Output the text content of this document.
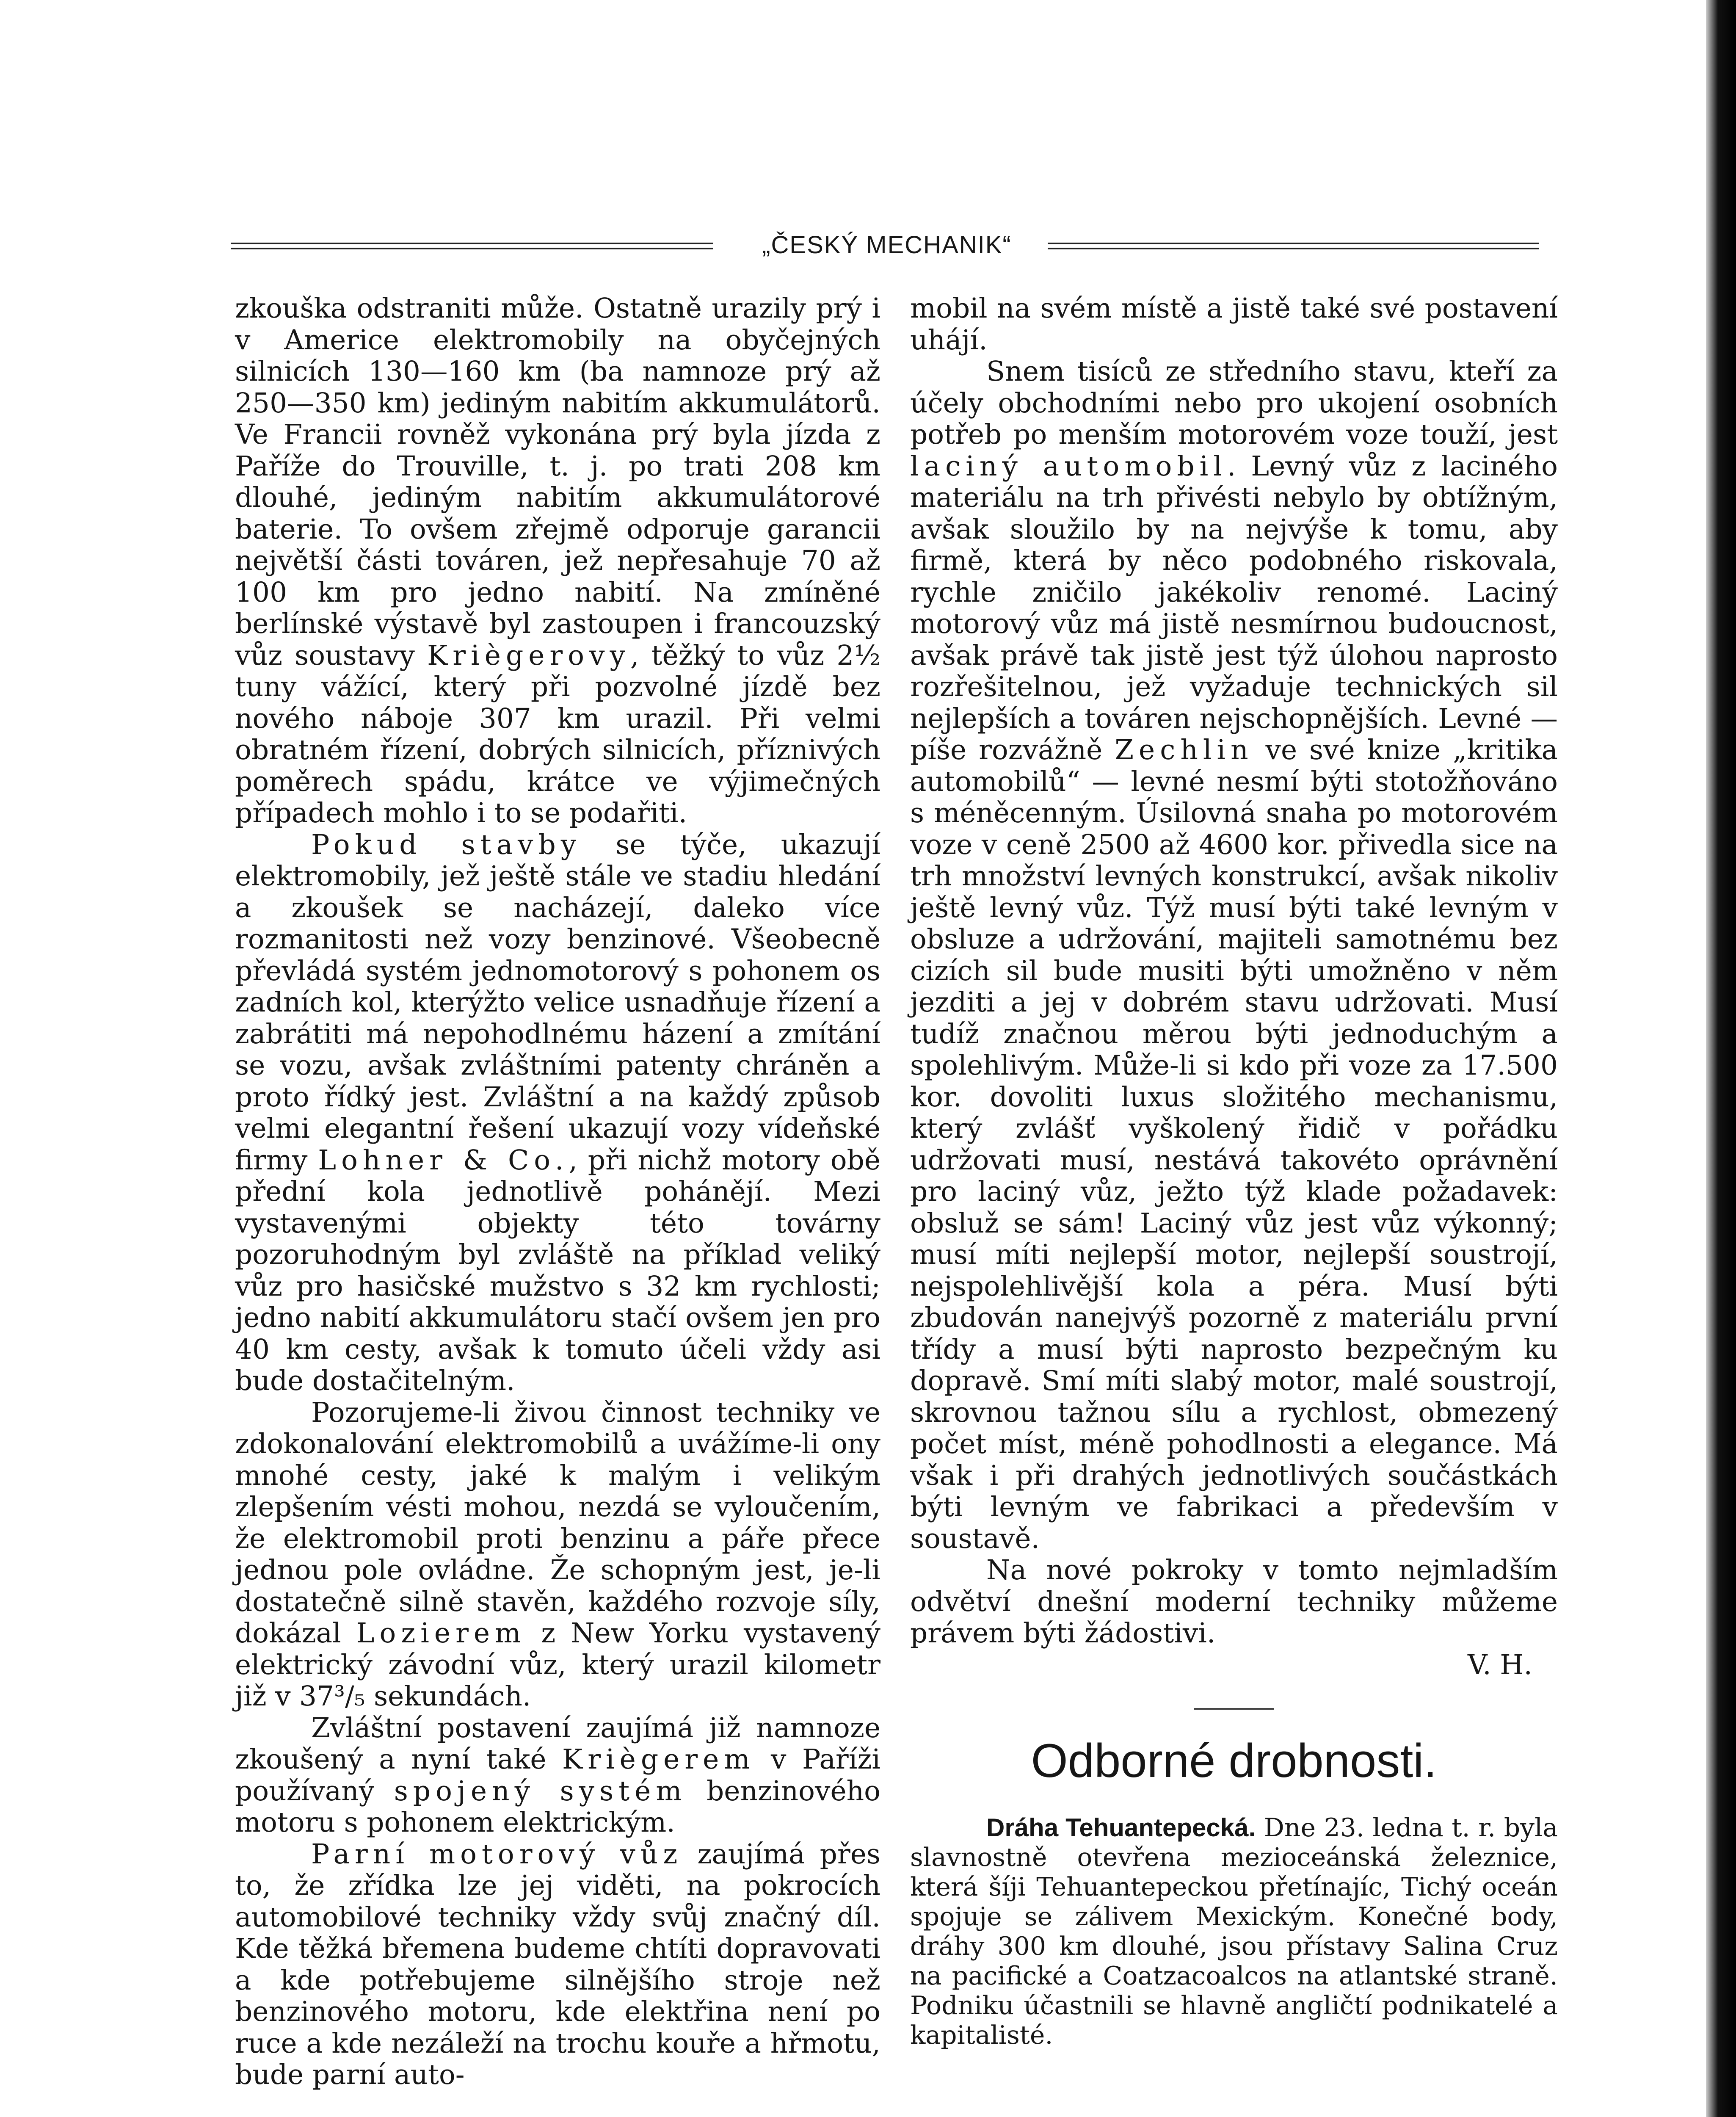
„ČESKÝ MECHANIK“

zkouška odstraniti může. Ostatně urazily prý i v Americe elektromobily na obyčejných silnicích 130—160 km (ba namnoze prý až 250—350 km) jediným nabitím akkumulátorů. Ve Francii rovněž vykonána prý byla jízda z Paříže do Trouville, t. j. po trati 208 km dlouhé, jediným nabitím akkumulátorové baterie. To ovšem zřejmě odporuje garancii největší části továren, jež nepřesahuje 70 až 100 km pro jedno nabití. Na zmíněné berlínské výstavě byl zastoupen i francouzský vůz soustavy Kriègerovy, těžký to vůz 2½ tuny vážící, který při pozvolné jízdě bez nového náboje 307 km urazil. Při velmi obratném řízení, dobrých silnicích, příznivých poměrech spádu, krátce ve výjimečných případech mohlo i to se podařiti.

Pokud stavby se týče, ukazují elektromobily, jež ještě stále ve stadiu hledání a zkoušek se nacházejí, daleko více rozmanitosti než vozy benzinové. Všeobecně převládá systém jednomotorový s pohonem os zadních kol, kterýžto velice usnadňuje řízení a zabrátiti má nepohodlnému házení a zmítání se vozu, avšak zvláštními patenty chráněn a proto řídký jest. Zvláštní a na každý způsob velmi elegantní řešení ukazují vozy vídeňské firmy Lohner & Co., při nichž motory obě přední kola jednotlivě pohánějí. Mezi vystavenými objekty této továrny pozoruhodným byl zvláště na příklad veliký vůz pro hasičské mužstvo s 32 km rychlosti; jedno nabití akkumulátoru stačí ovšem jen pro 40 km cesty, avšak k tomuto účeli vždy asi bude dostačitelným.

Pozorujeme-li živou činnost techniky ve zdokonalování elektromobilů a uvážíme-li ony mnohé cesty, jaké k malým i velikým zlepšením vésti mohou, nezdá se vyloučením, že elektromobil proti benzinu a páře přece jednou pole ovládne. Že schopným jest, je-li dostatečně silně stavěn, každého rozvoje síly, dokázal Lozierem z New Yorku vystavený elektrický závodní vůz, který urazil kilometr již v 37³/₅ sekundách.

Zvláštní postavení zaujímá již namnoze zkoušený a nyní také Kriègerem v Paříži používaný spojený systém benzinového motoru s pohonem elektrickým.

Parní motorový vůz zaujímá přes to, že zřídka lze jej viděti, na pokrocích automobilové techniky vždy svůj značný díl. Kde těžká břemena budeme chtíti dopravovati a kde potřebujeme silnějšího stroje než benzinového motoru, kde elektřina není po ruce a kde nezáleží na trochu kouře a hřmotu, bude parní auto-

mobil na svém místě a jistě také své postavení uhájí.

Snem tisíců ze středního stavu, kteří za účely obchodními nebo pro ukojení osobních potřeb po menším motorovém voze touží, jest laciný automobil. Levný vůz z laciného materiálu na trh přivésti nebylo by obtížným, avšak sloužilo by na nejvýše k tomu, aby firmě, která by něco podobného riskovala, rychle zničilo jakékoliv renomé. Laciný motorový vůz má jistě nesmírnou budoucnost, avšak právě tak jistě jest týž úlohou naprosto rozřešitelnou, jež vyžaduje technických sil nejlepších a továren nejschopnějších. Levné — píše rozvážně Zechlin ve své knize „kritika automobilů“ — levné nesmí býti stotožňováno s méněcenným. Úsilovná snaha po motorovém voze v ceně 2500 až 4600 kor. přivedla sice na trh množství levných konstrukcí, avšak nikoliv ještě levný vůz. Týž musí býti také levným v obsluze a udržování, majiteli samotnému bez cizích sil bude musiti býti umožněno v něm jezditi a jej v dobrém stavu udržovati. Musí tudíž značnou měrou býti jednoduchým a spolehlivým. Může-li si kdo při voze za 17.500 kor. dovoliti luxus složitého mechanismu, který zvlášť vyškolený řidič v pořádku udržovati musí, nestává takovéto oprávnění pro laciný vůz, ježto týž klade požadavek: obsluž se sám! Laciný vůz jest vůz výkonný; musí míti nejlepší motor, nejlepší soustrojí, nejspolehlivější kola a péra. Musí býti zbudován nanejvýš pozorně z materiálu první třídy a musí býti naprosto bezpečným ku dopravě. Smí míti slabý motor, malé soustrojí, skrovnou tažnou sílu a rychlost, obmezený počet míst, méně pohodlnosti a elegance. Má však i při drahých jednotlivých součástkách býti levným ve fabrikaci a především v soustavě.

Na nové pokroky v tomto nejmladším odvětví dnešní moderní techniky můžeme právem býti žádostivi.

V. H.
Odborné drobnosti.

Dráha Tehuantepecká. Dne 23. ledna t. r. byla slavnostně otevřena mezioceánská železnice, která šíji Tehuantepeckou přetínajíc, Tichý oceán spojuje se zálivem Mexickým. Konečné body, dráhy 300 km dlouhé, jsou přístavy Salina Cruz na pacifické a Coatzacoalcos na atlantské straně. Podniku účastnili se hlavně angličtí podnikatelé a kapitalisté.
